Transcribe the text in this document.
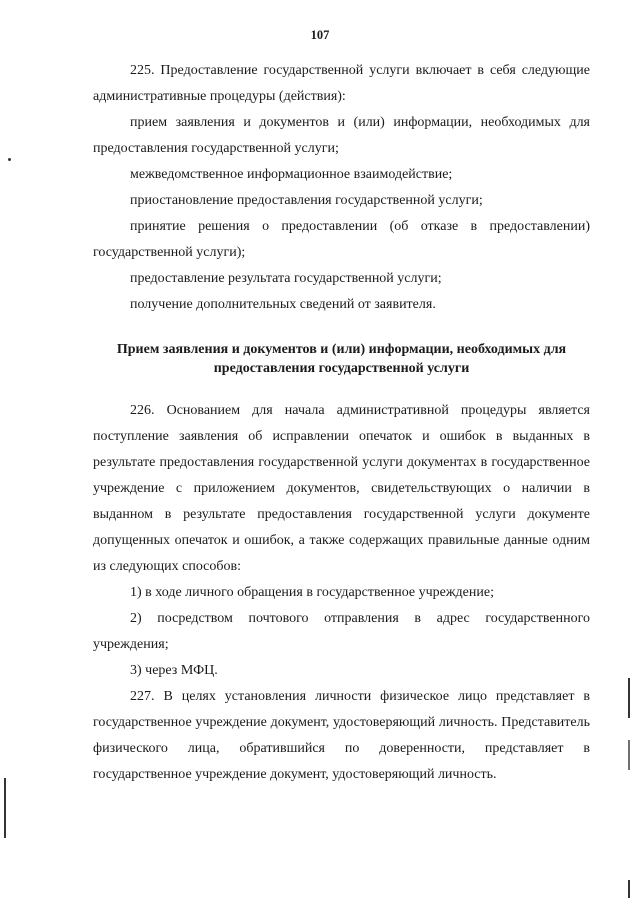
107

225. Предоставление государственной услуги включает в себя следующие административные процедуры (действия):

прием заявления и документов и (или) информации, необходимых для предоставления государственной услуги;

межведомственное информационное взаимодействие;

приостановление предоставления государственной услуги;

принятие решения о предоставлении (об отказе в предоставлении) государственной услуги);

предоставление результата государственной услуги;

получение дополнительных сведений от заявителя.

Прием заявления и документов и (или) информации, необходимых для предоставления государственной услуги

226. Основанием для начала административной процедуры является поступление заявления об исправлении опечаток и ошибок в выданных в результате предоставления государственной услуги документах в государственное учреждение с приложением документов, свидетельствующих о наличии в выданном в результате предоставления государственной услуги документе допущенных опечаток и ошибок, а также содержащих правильные данные одним из следующих способов:

1) в ходе личного обращения в государственное учреждение;

2) посредством почтового отправления в адрес государственного учреждения;

3) через МФЦ.

227. В целях установления личности физическое лицо представляет в государственное учреждение документ, удостоверяющий личность. Представитель физического лица, обратившийся по доверенности, представляет в государственное учреждение документ, удостоверяющий личность.
